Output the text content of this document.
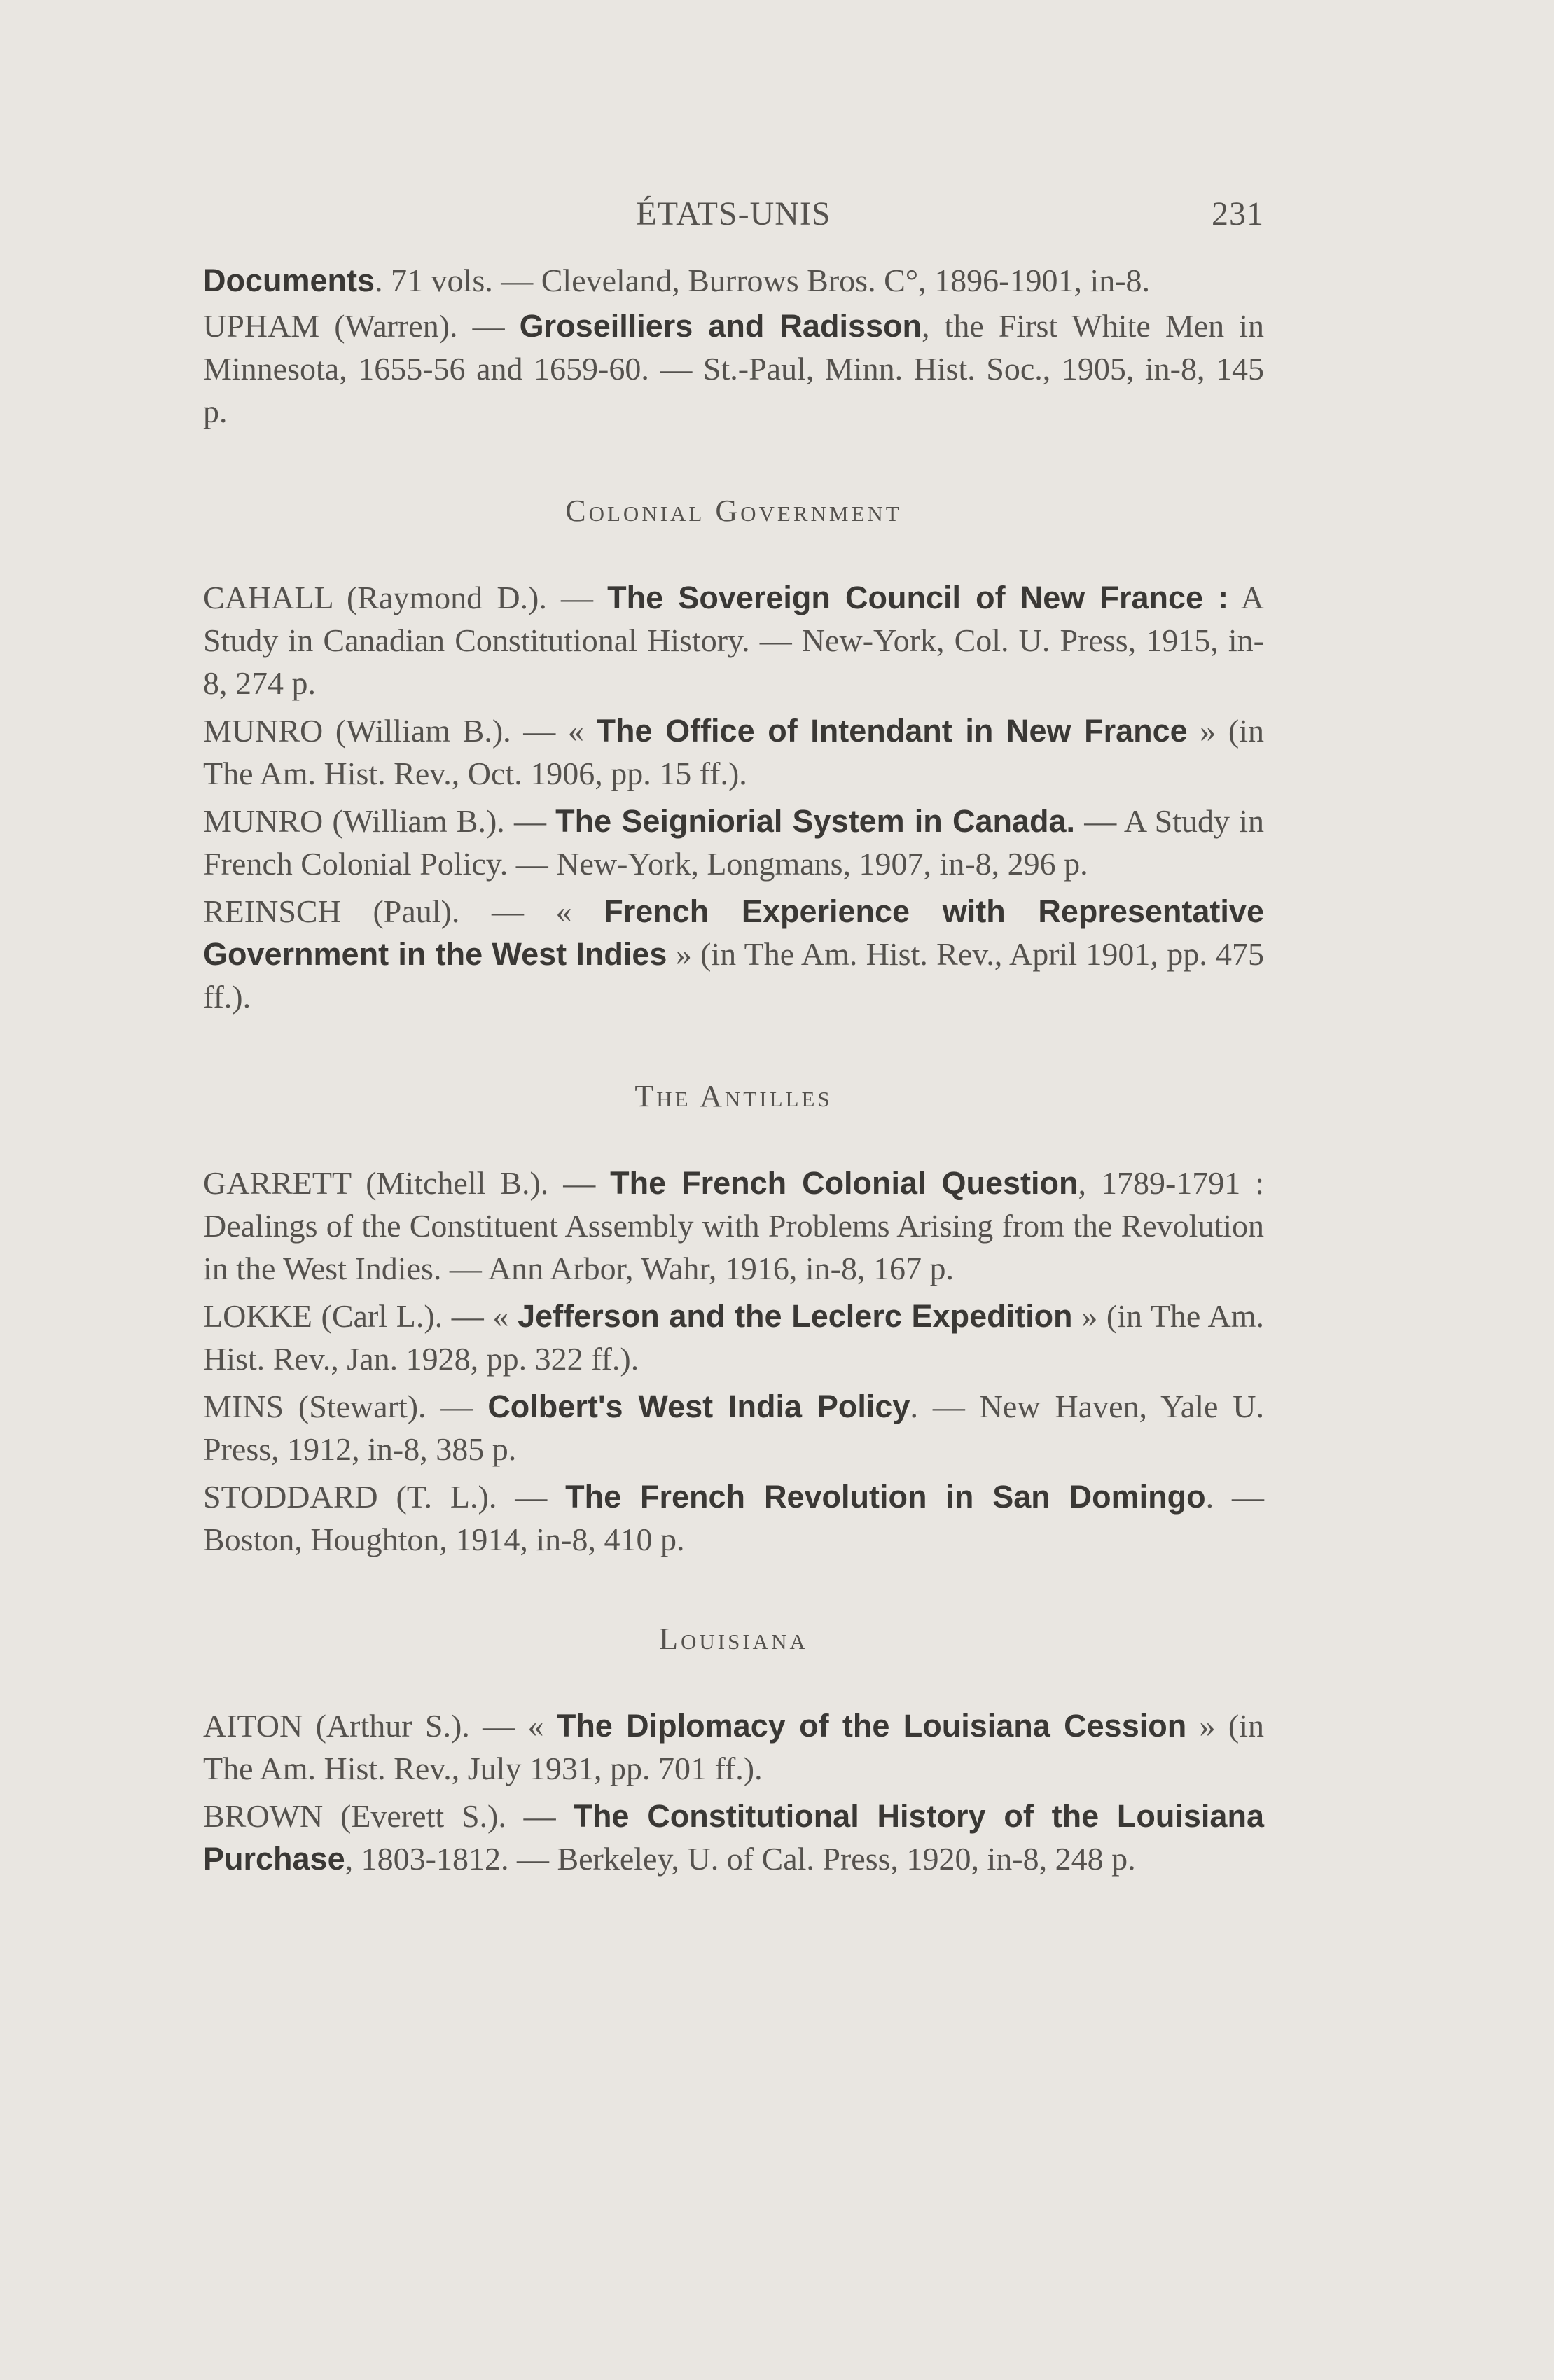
ÉTATS-UNIS	231

Documents. 71 vols. — Cleveland, Burrows Bros. C°, 1896-1901, in-8.

UPHAM (Warren). — Groseilliers and Radisson, the First White Men in Minnesota, 1655-56 and 1659-60. — St.-Paul, Minn. Hist. Soc., 1905, in-8, 145 p.

Colonial Government

CAHALL (Raymond D.). — The Sovereign Council of New France : A Study in Canadian Constitutional History. — New-York, Col. U. Press, 1915, in-8, 274 p.

MUNRO (William B.). — « The Office of Intendant in New France » (in The Am. Hist. Rev., Oct. 1906, pp. 15 ff.).

MUNRO (William B.). — The Seigniorial System in Canada. — A Study in French Colonial Policy. — New-York, Longmans, 1907, in-8, 296 p.

REINSCH (Paul). — « French Experience with Representative Government in the West Indies » (in The Am. Hist. Rev., April 1901, pp. 475 ff.).

The Antilles

GARRETT (Mitchell B.). — The French Colonial Question, 1789-1791 : Dealings of the Constituent Assembly with Problems Arising from the Revolution in the West Indies. — Ann Arbor, Wahr, 1916, in-8, 167 p.

LOKKE (Carl L.). — « Jefferson and the Leclerc Expedition » (in The Am. Hist. Rev., Jan. 1928, pp. 322 ff.).

MINS (Stewart). — Colbert's West India Policy. — New Haven, Yale U. Press, 1912, in-8, 385 p.

STODDARD (T. L.). — The French Revolution in San Domingo. — Boston, Houghton, 1914, in-8, 410 p.

Louisiana

AITON (Arthur S.). — « The Diplomacy of the Louisiana Cession » (in The Am. Hist. Rev., July 1931, pp. 701 ff.).

BROWN (Everett S.). — The Constitutional History of the Louisiana Purchase, 1803-1812. — Berkeley, U. of Cal. Press, 1920, in-8, 248 p.
